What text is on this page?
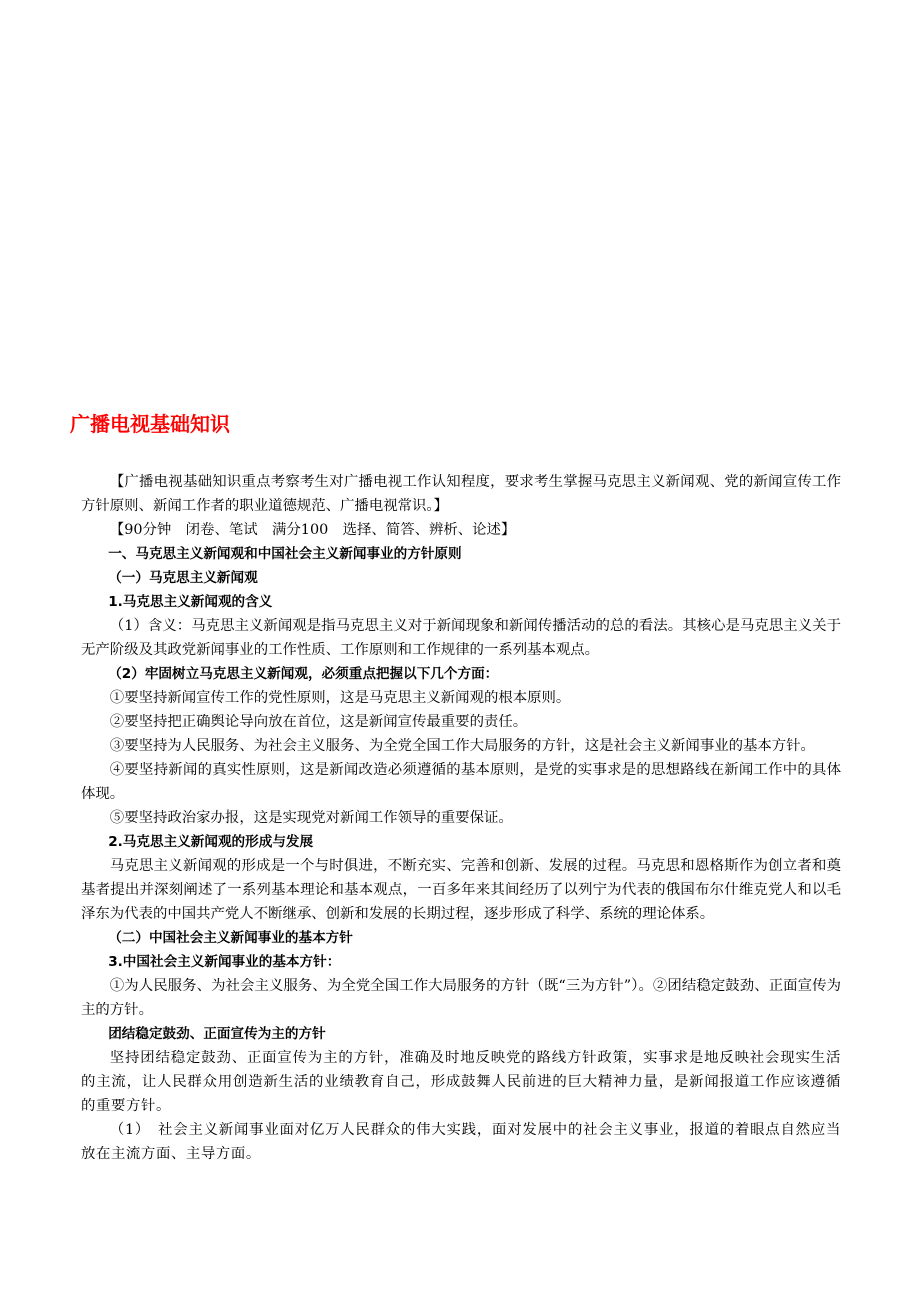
广播电视基础知识

【广播电视基础知识重点考察考生对广播电视工作认知程度，要求考生掌握马克思主义新闻观、党的新闻宣传工作方针原则、新闻工作者的职业道德规范、广播电视常识。】

【90分钟　闭卷、笔试　满分100　选择、简答、辨析、论述】

一、马克思主义新闻观和中国社会主义新闻事业的方针原则

（一）马克思主义新闻观

1.马克思主义新闻观的含义

（1）含义：马克思主义新闻观是指马克思主义对于新闻现象和新闻传播活动的总的看法。其核心是马克思主义关于无产阶级及其政党新闻事业的工作性质、工作原则和工作规律的一系列基本观点。

（2）牢固树立马克思主义新闻观，必须重点把握以下几个方面：

①要坚持新闻宣传工作的党性原则，这是马克思主义新闻观的根本原则。

②要坚持把正确舆论导向放在首位，这是新闻宣传最重要的责任。

③要坚持为人民服务、为社会主义服务、为全党全国工作大局服务的方针，这是社会主义新闻事业的基本方针。

④要坚持新闻的真实性原则，这是新闻改造必须遵循的基本原则，是党的实事求是的思想路线在新闻工作中的具体体现。

⑤要坚持政治家办报，这是实现党对新闻工作领导的重要保证。

2.马克思主义新闻观的形成与发展

马克思主义新闻观的形成是一个与时俱进，不断充实、完善和创新、发展的过程。马克思和恩格斯作为创立者和奠基者提出并深刻阐述了一系列基本理论和基本观点，一百多年来其间经历了以列宁为代表的俄国布尔什维克党人和以毛泽东为代表的中国共产党人不断继承、创新和发展的长期过程，逐步形成了科学、系统的理论体系。

（二）中国社会主义新闻事业的基本方针

3.中国社会主义新闻事业的基本方针：

①为人民服务、为社会主义服务、为全党全国工作大局服务的方针（既“三为方针”）。②团结稳定鼓劲、正面宣传为主的方针。

团结稳定鼓劲、正面宣传为主的方针

坚持团结稳定鼓劲、正面宣传为主的方针，准确及时地反映党的路线方针政策，实事求是地反映社会现实生活的主流，让人民群众用创造新生活的业绩教育自己，形成鼓舞人民前进的巨大精神力量，是新闻报道工作应该遵循的重要方针。

（1）　社会主义新闻事业面对亿万人民群众的伟大实践，面对发展中的社会主义事业，报道的着眼点自然应当放在主流方面、主导方面。
